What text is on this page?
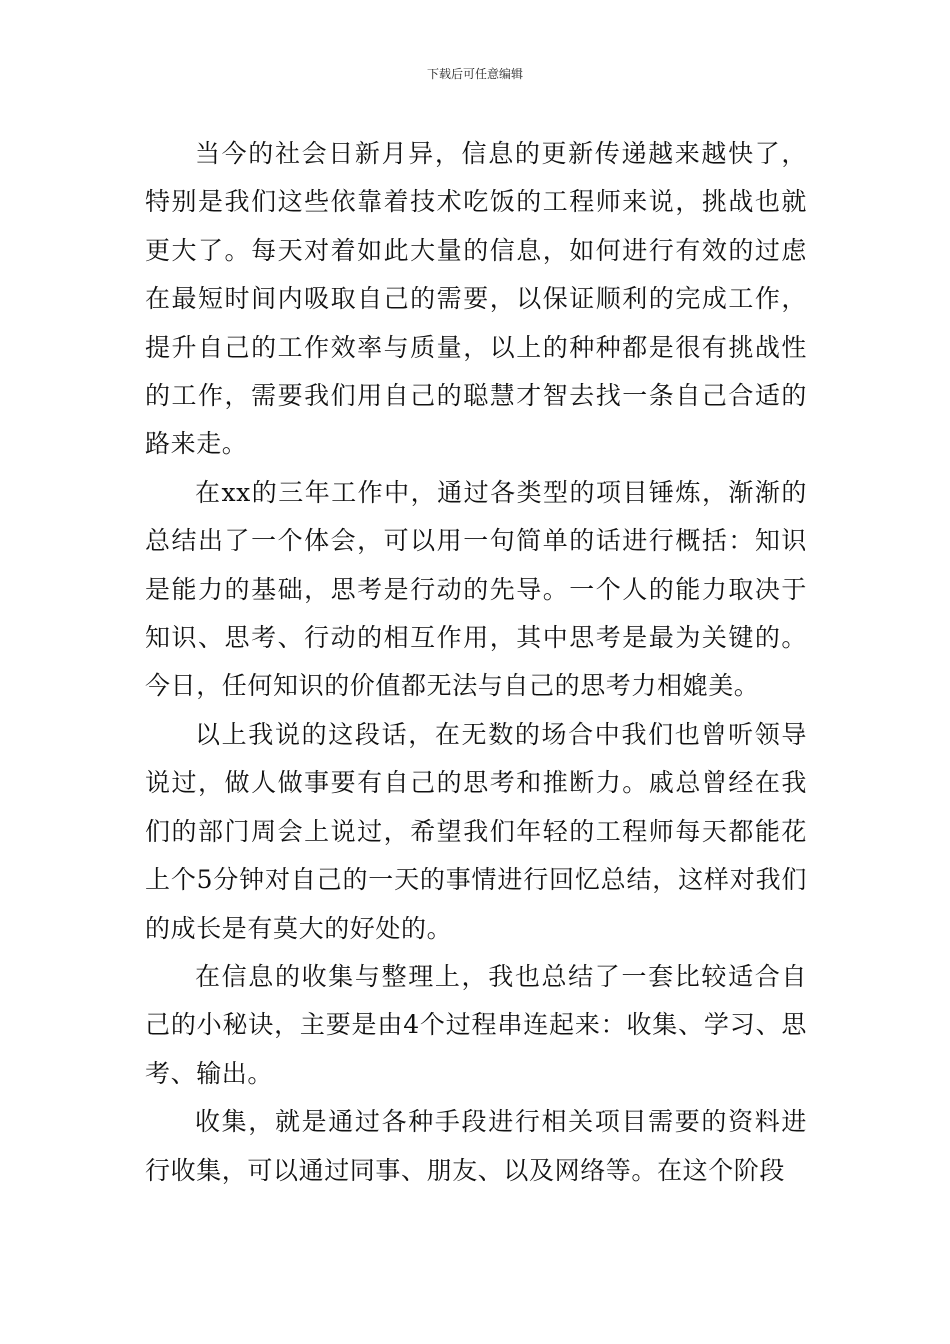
下载后可任意编辑

当今的社会日新月异，信息的更新传递越来越快了，特别是我们这些依靠着技术吃饭的工程师来说，挑战也就更大了。每天对着如此大量的信息，如何进行有效的过虑在最短时间内吸取自己的需要，以保证顺利的完成工作，提升自己的工作效率与质量，以上的种种都是很有挑战性的工作，需要我们用自己的聪慧才智去找一条自己合适的路来走。

在xx的三年工作中，通过各类型的项目锤炼，渐渐的总结出了一个体会，可以用一句简单的话进行概括：知识是能力的基础，思考是行动的先导。一个人的能力取决于知识、思考、行动的相互作用，其中思考是最为关键的。今日，任何知识的价值都无法与自己的思考力相媲美。

以上我说的这段话，在无数的场合中我们也曾听领导说过，做人做事要有自己的思考和推断力。戚总曾经在我们的部门周会上说过，希望我们年轻的工程师每天都能花上个5分钟对自己的一天的事情进行回忆总结，这样对我们的成长是有莫大的好处的。

在信息的收集与整理上，我也总结了一套比较适合自己的小秘诀，主要是由4个过程串连起来：收集、学习、思考、输出。

收集，就是通过各种手段进行相关项目需要的资料进行收集，可以通过同事、朋友、以及网络等。在这个阶段
